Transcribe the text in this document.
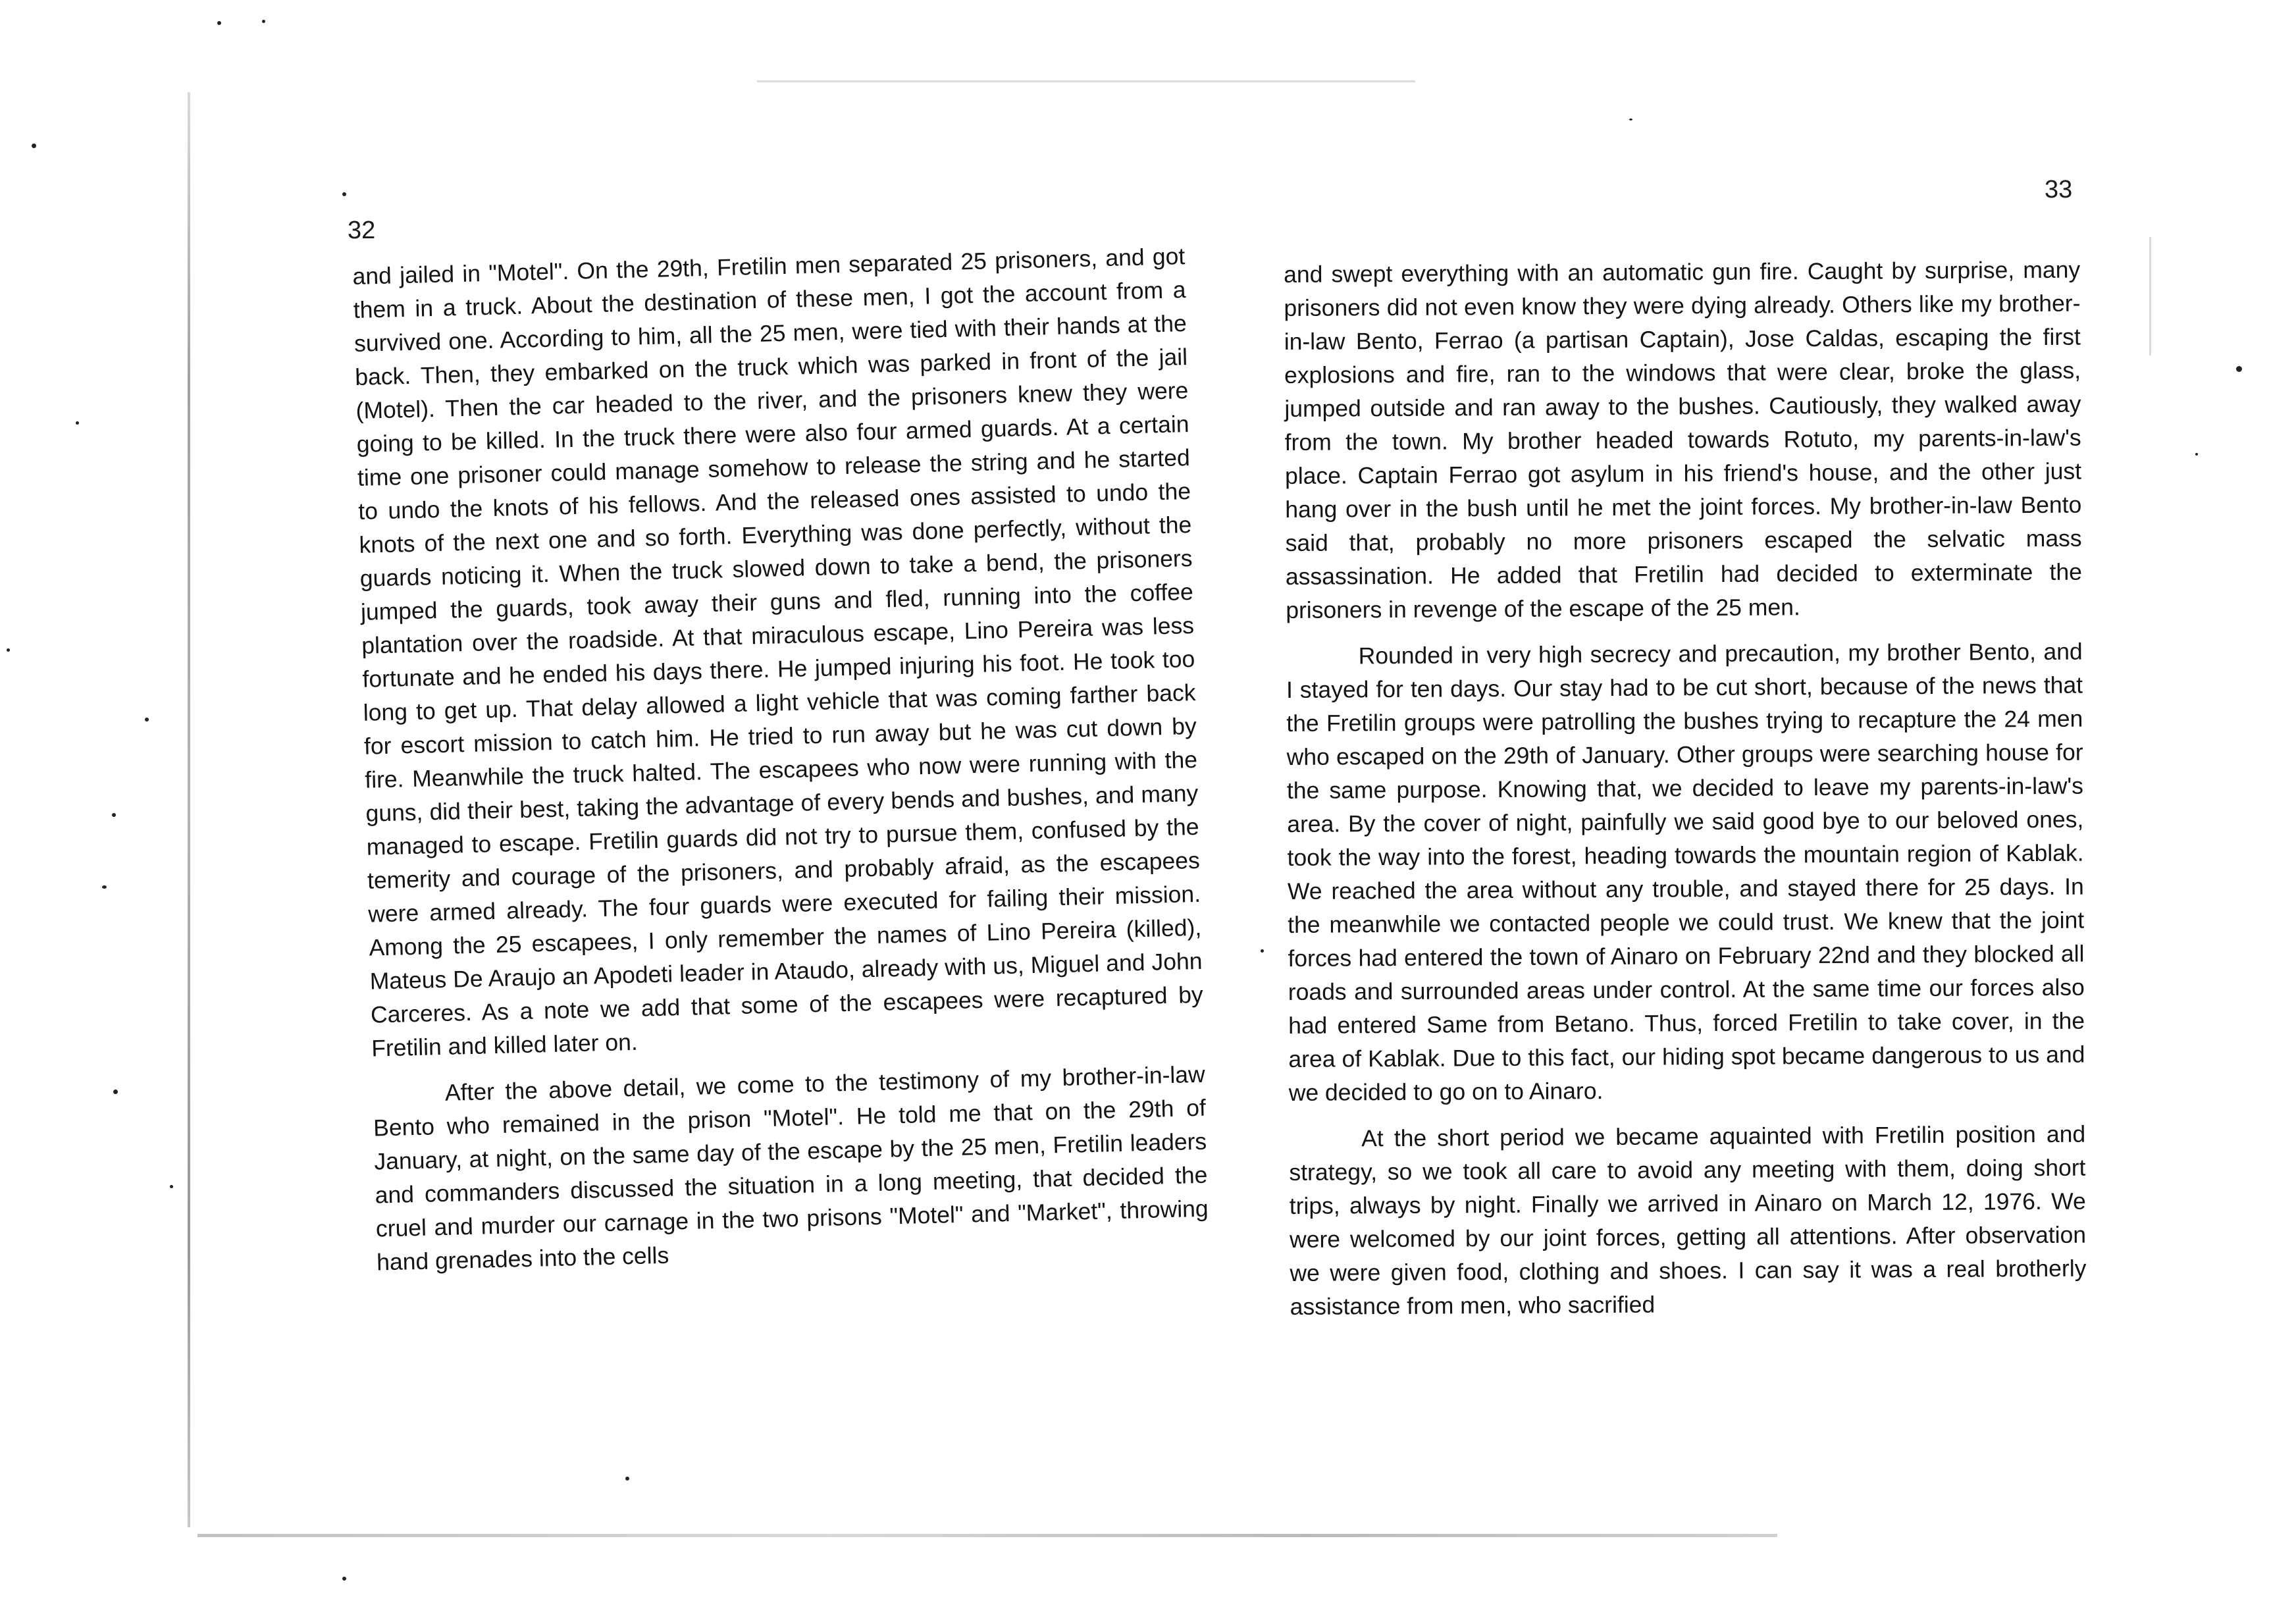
32
33

and jailed in "Motel". On the 29th, Fretilin men separated 25 prisoners, and got them in a truck. About the destination of these men, I got the account from a survived one. According to him, all the 25 men, were tied with their hands at the back. Then, they embarked on the truck which was parked in front of the jail (Motel). Then the car headed to the river, and the prisoners knew they were going to be killed. In the truck there were also four armed guards. At a certain time one prisoner could manage somehow to release the string and he started to undo the knots of his fellows. And the released ones assisted to undo the knots of the next one and so forth. Everything was done perfectly, without the guards noticing it. When the truck slowed down to take a bend, the prisoners jumped the guards, took away their guns and fled, running into the coffee plantation over the roadside. At that miraculous escape, Lino Pereira was less fortunate and he ended his days there. He jumped injuring his foot. He took too long to get up. That delay allowed a light vehicle that was coming farther back for escort mission to catch him. He tried to run away but he was cut down by fire. Meanwhile the truck halted. The escapees who now were running with the guns, did their best, taking the advantage of every bends and bushes, and many managed to escape. Fretilin guards did not try to pursue them, confused by the temerity and courage of the prisoners, and probably afraid, as the escapees were armed already. The four guards were executed for failing their mission. Among the 25 escapees, I only remember the names of Lino Pereira (killed), Mateus De Araujo an Apodeti leader in Ataudo, already with us, Miguel and John Carceres. As a note we add that some of the escapees were recaptured by Fretilin and killed later on.

After the above detail, we come to the testimony of my brother-in-law Bento who remained in the prison "Motel". He told me that on the 29th of January, at night, on the same day of the escape by the 25 men, Fretilin leaders and commanders discussed the situation in a long meeting, that decided the cruel and murder our carnage in the two prisons "Motel" and "Market", throwing hand grenades into the cells

and swept everything with an automatic gun fire. Caught by surprise, many prisoners did not even know they were dying already. Others like my brother-in-law Bento, Ferrao (a partisan Captain), Jose Caldas, escaping the first explosions and fire, ran to the windows that were clear, broke the glass, jumped outside and ran away to the bushes. Cautiously, they walked away from the town. My brother headed towards Rotuto, my parents-in-law's place. Captain Ferrao got asylum in his friend's house, and the other just hang over in the bush until he met the joint forces. My brother-in-law Bento said that, probably no more prisoners escaped the selvatic mass assassination. He added that Fretilin had decided to exterminate the prisoners in revenge of the escape of the 25 men.

Rounded in very high secrecy and precaution, my brother Bento, and I stayed for ten days. Our stay had to be cut short, because of the news that the Fretilin groups were patrolling the bushes trying to recapture the 24 men who escaped on the 29th of January. Other groups were searching house for the same purpose. Knowing that, we decided to leave my parents-in-law's area. By the cover of night, painfully we said good bye to our beloved ones, took the way into the forest, heading towards the mountain region of Kablak. We reached the area without any trouble, and stayed there for 25 days. In the meanwhile we contacted people we could trust. We knew that the joint forces had entered the town of Ainaro on February 22nd and they blocked all roads and surrounded areas under control. At the same time our forces also had entered Same from Betano. Thus, forced Fretilin to take cover, in the area of Kablak. Due to this fact, our hiding spot became dangerous to us and we decided to go on to Ainaro.

At the short period we became aquainted with Fretilin position and strategy, so we took all care to avoid any meeting with them, doing short trips, always by night. Finally we arrived in Ainaro on March 12, 1976. We were welcomed by our joint forces, getting all attentions. After observation we were given food, clothing and shoes. I can say it was a real brotherly assistance from men, who sacrified
